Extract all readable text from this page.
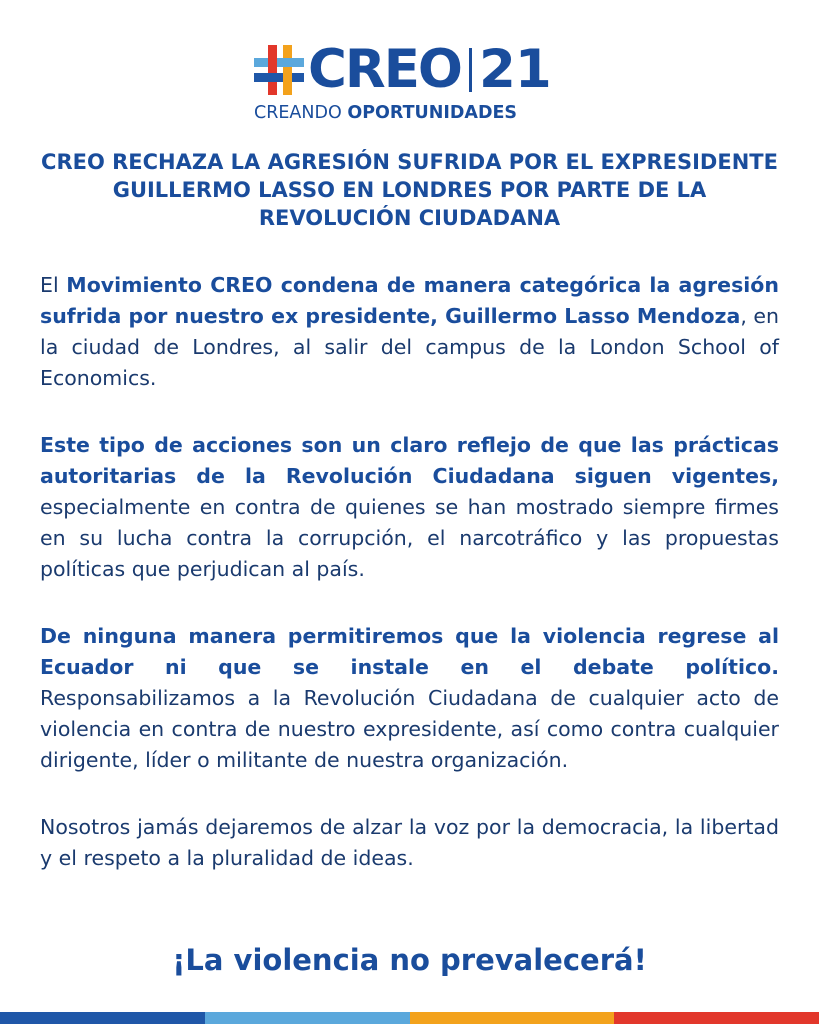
CREO 21
CREANDO OPORTUNIDADES
CREO RECHAZA LA AGRESIÓN SUFRIDA POR EL EXPRESIDENTE GUILLERMO LASSO EN LONDRES POR PARTE DE LA REVOLUCIÓN CIUDADANA

El Movimiento CREO condena de manera categórica la agresión sufrida por nuestro ex presidente, Guillermo Lasso Mendoza, en la ciudad de Londres, al salir del campus de la London School of Economics.

Este tipo de acciones son un claro reflejo de que las prácticas autoritarias de la Revolución Ciudadana siguen vigentes, especialmente en contra de quienes se han mostrado siempre firmes en su lucha contra la corrupción, el narcotráfico y las propuestas políticas que perjudican al país.

De ninguna manera permitiremos que la violencia regrese al Ecuador ni que se instale en el debate político. Responsabilizamos a la Revolución Ciudadana de cualquier acto de violencia en contra de nuestro expresidente, así como contra cualquier dirigente, líder o militante de nuestra organización.

Nosotros jamás dejaremos de alzar la voz por la democracia, la libertad y el respeto a la pluralidad de ideas.

¡La violencia no prevalecerá!
